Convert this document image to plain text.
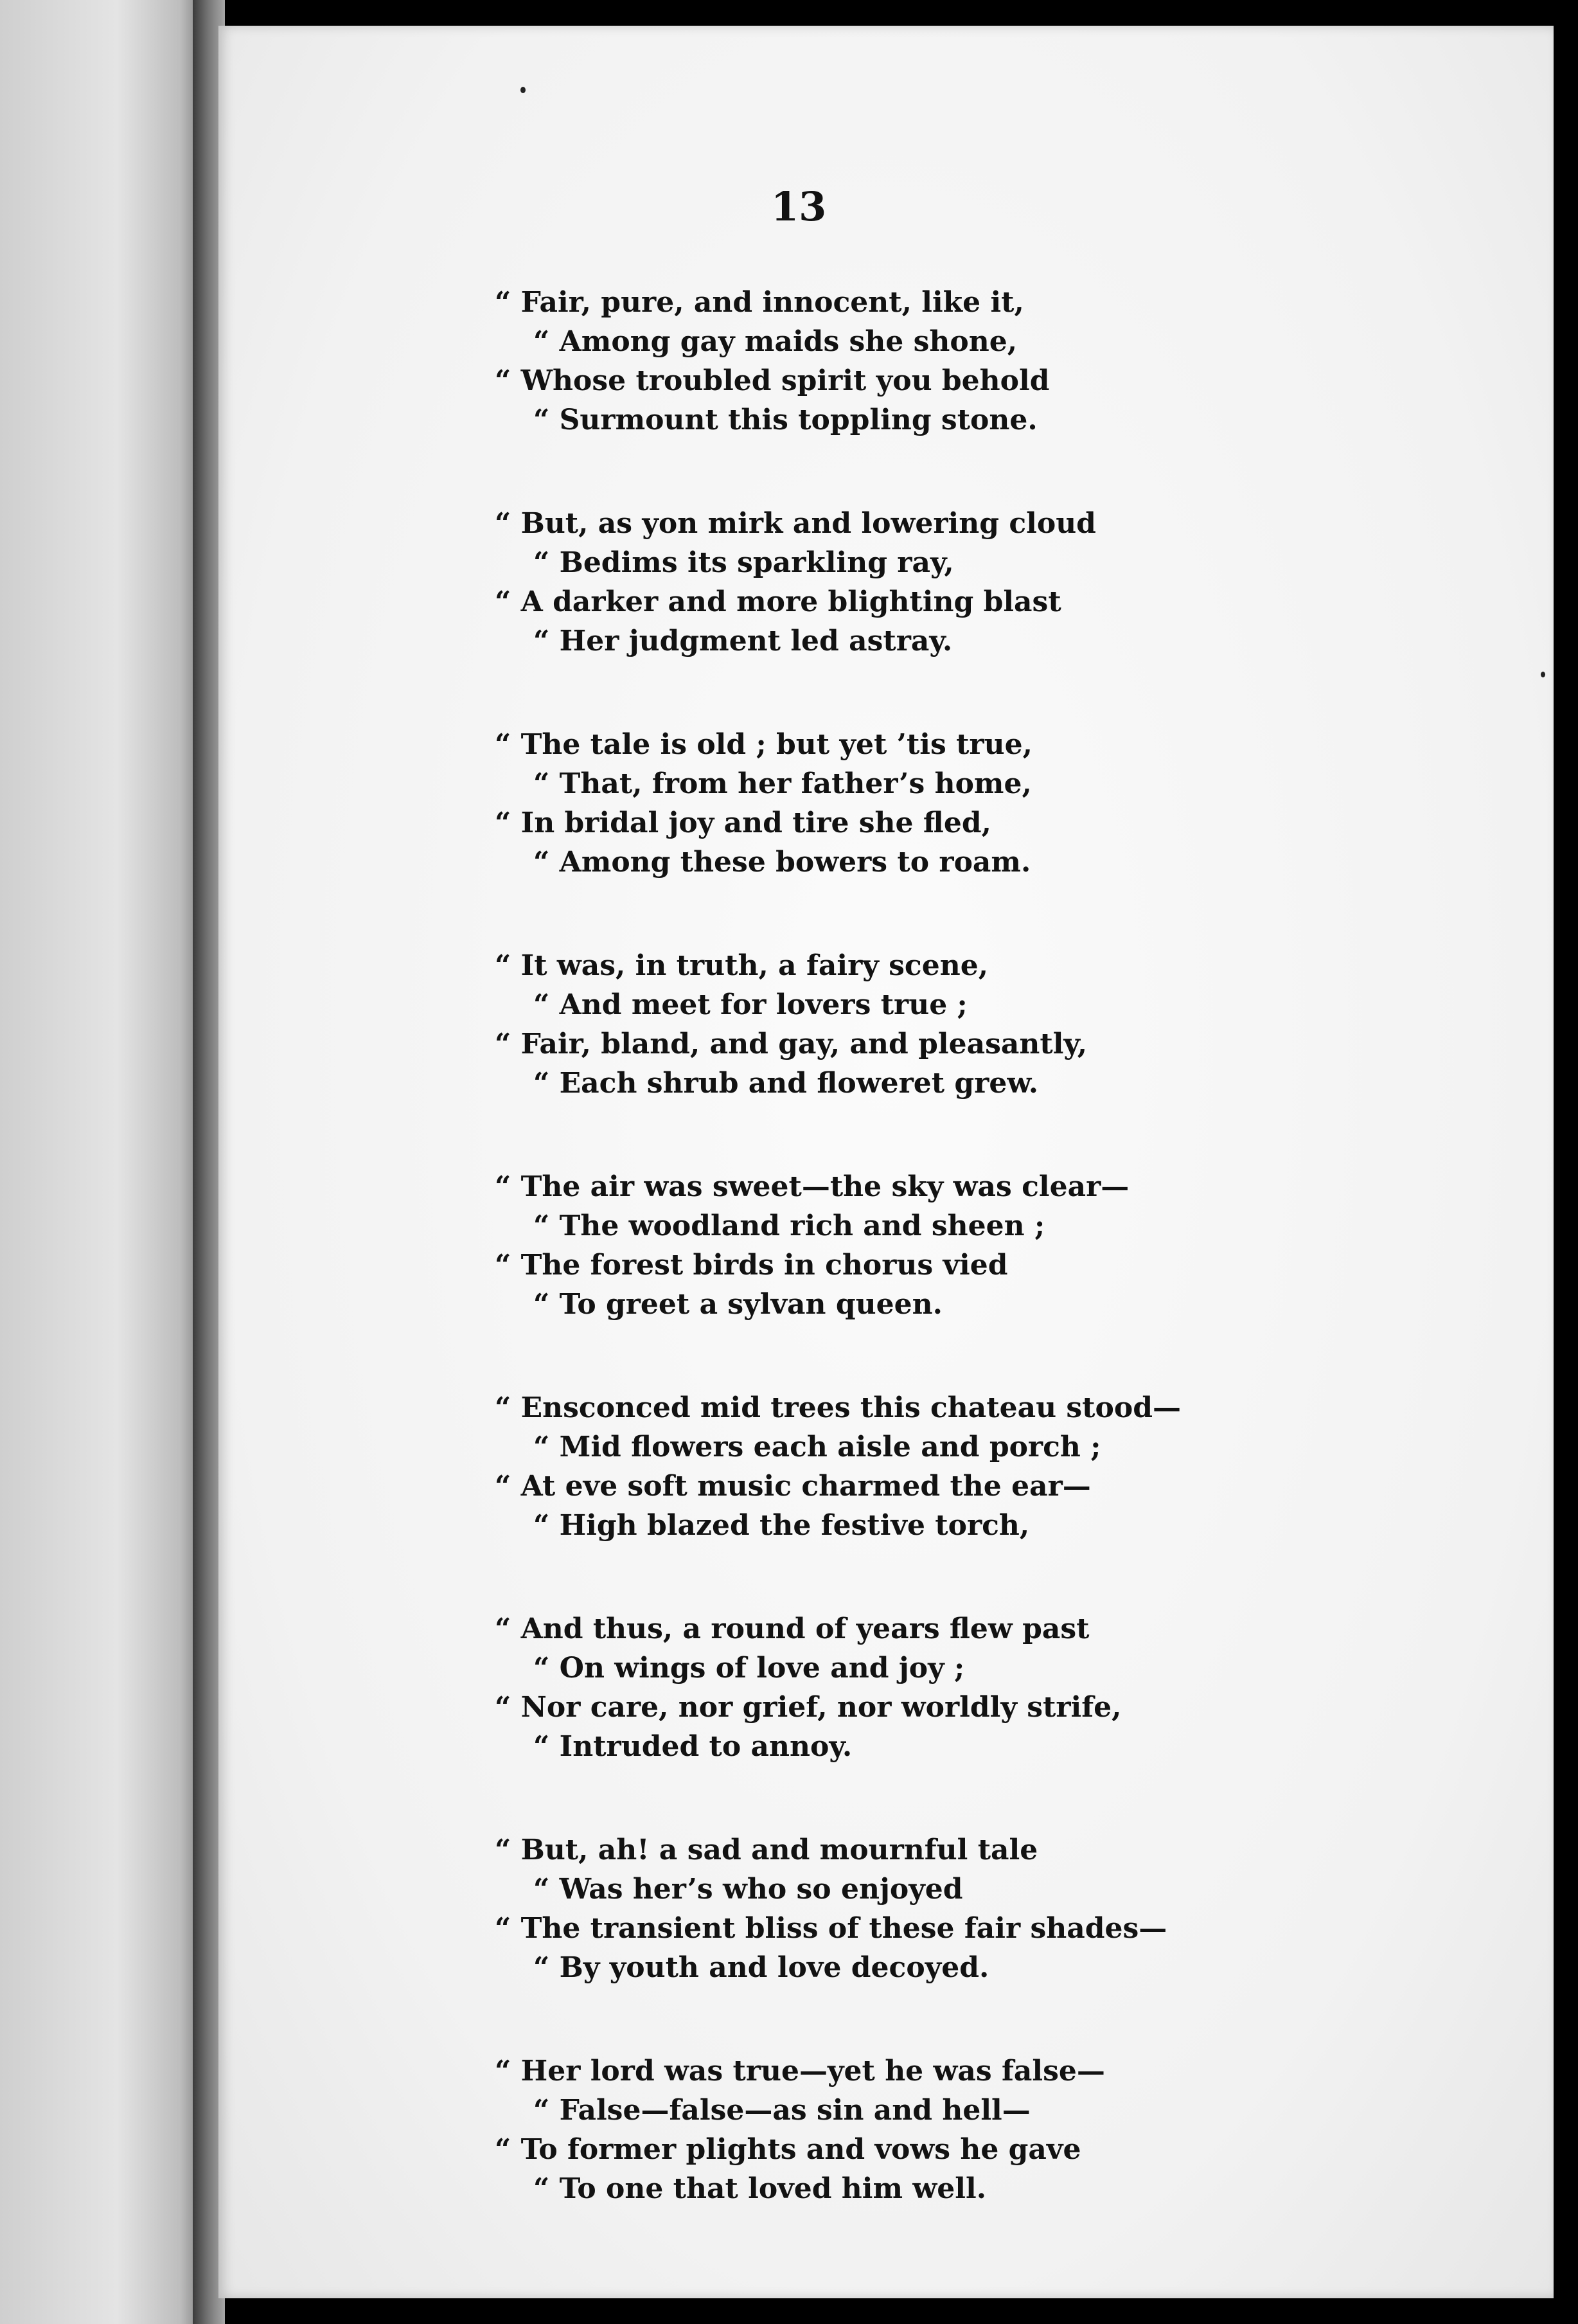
13
“ Fair, pure, and innocent, like it,
“ Among gay maids she shone,
“ Whose troubled spirit you behold
“ Surmount this toppling stone.
“ But, as yon mirk and lowering cloud
“ Bedims its sparkling ray,
“ A darker and more blighting blast
“ Her judgment led astray.
“ The tale is old ; but yet ’tis true,
“ That, from her father’s home,
“ In bridal joy and tire she fled,
“ Among these bowers to roam.
“ It was, in truth, a fairy scene,
“ And meet for lovers true ;
“ Fair, bland, and gay, and pleasantly,
“ Each shrub and floweret grew.
“ The air was sweet—the sky was clear—
“ The woodland rich and sheen ;
“ The forest birds in chorus vied
“ To greet a sylvan queen.
“ Ensconced mid trees this chateau stood—
“ Mid flowers each aisle and porch ;
“ At eve soft music charmed the ear—
“ High blazed the festive torch,
“ And thus, a round of years flew past
“ On wings of love and joy ;
“ Nor care, nor grief, nor worldly strife,
“ Intruded to annoy.
“ But, ah! a sad and mournful tale
“ Was her’s who so enjoyed
“ The transient bliss of these fair shades—
“ By youth and love decoyed.
“ Her lord was true—yet he was false—
“ False—false—as sin and hell—
“ To former plights and vows he gave
“ To one that loved him well.
